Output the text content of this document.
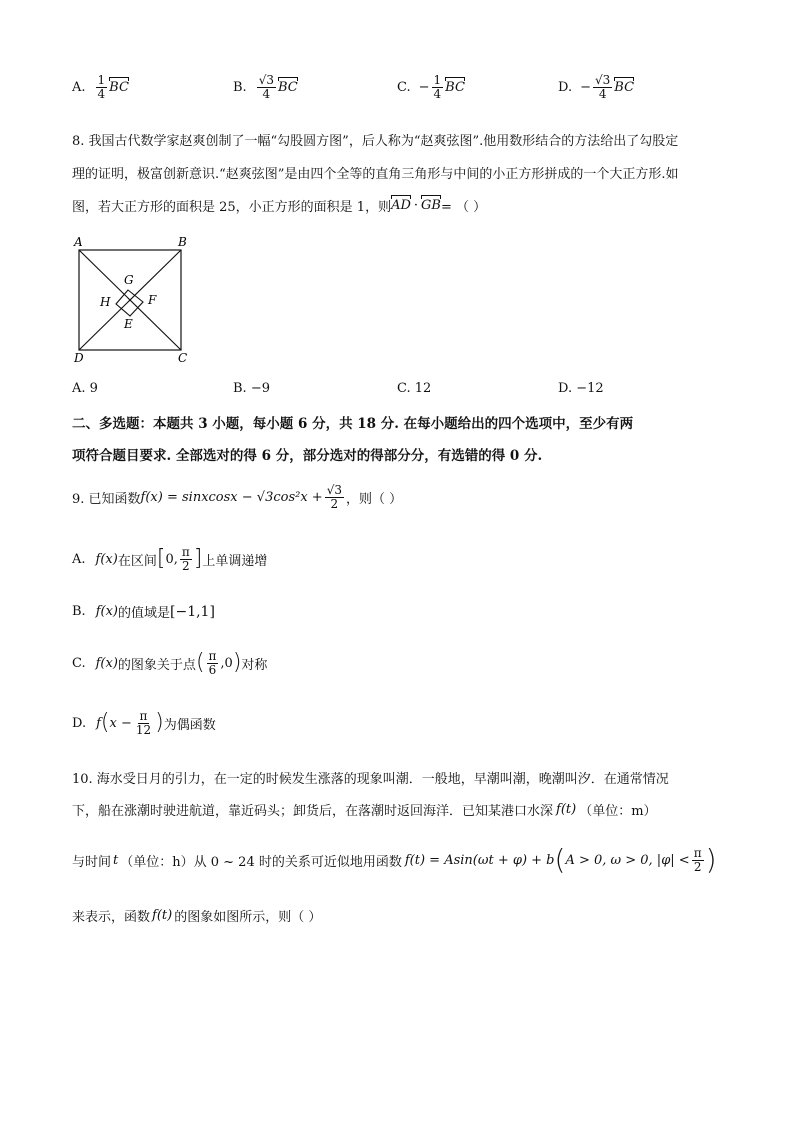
A. $\frac{1}{4}$ BC	B. $\frac{√3}{4}$ BC	C. − $\frac{1}{4}$ BC	D. − $\frac{√3}{4}$ BC

8. 我国古代数学家赵爽创制了一幅“勾股圆方图”，后人称为“赵爽弦图”.他用数形结合的方法给出了勾股定

理的证明，极富创新意识.“赵爽弦图”是由四个全等的直角三角形与中间的小正方形拼成的一个大正方形.如

图，若大正方形的面积是 25，小正方形的面积是 1，则 AD · GB = （ ）
A	B
C
D
E
F
G
H
A. 9	B. −9	C. 12	D. −12

二、多选题：本题共 3 小题，每小题 6 分，共 18 分. 在每小题给出的四个选项中，至少有两

项符合题目要求. 全部选对的得 6 分，部分选对的得部分分，有选错的得 0 分.

9. 已知函数 f(x) = sinxcosx − $√3\cos^2x + \frac{√3}{2}$ ，则（ ）
A. f(x) 在区间 [ 0, $\frac{\pi}{2}$ ] 上单调递增
B. f(x) 的值域是 [−1,1]
C. f(x) 的图象关于点 ( $\frac{\pi}{6} ,0$ ) 对称
D. f ( $x - \frac{\pi}{12}$ ) 为偶函数

10. 海水受日月的引力，在一定的时候发生涨落的现象叫潮．一般地，早潮叫潮，晚潮叫汐．在通常情况

下，船在涨潮时驶进航道，靠近码头；卸货后，在落潮时返回海洋．已知某港口水深 f(t) （单位：m）
与时间 t （单位：h）从 0 ~ 24 时的关系可近似地用函数 f(t) = Asin(ωt + φ) + b ( A > 0, ω > 0, $|\varphi| < \frac{\pi}{2}$ )
来表示，函数 f(t) 的图象如图所示，则（ ）
